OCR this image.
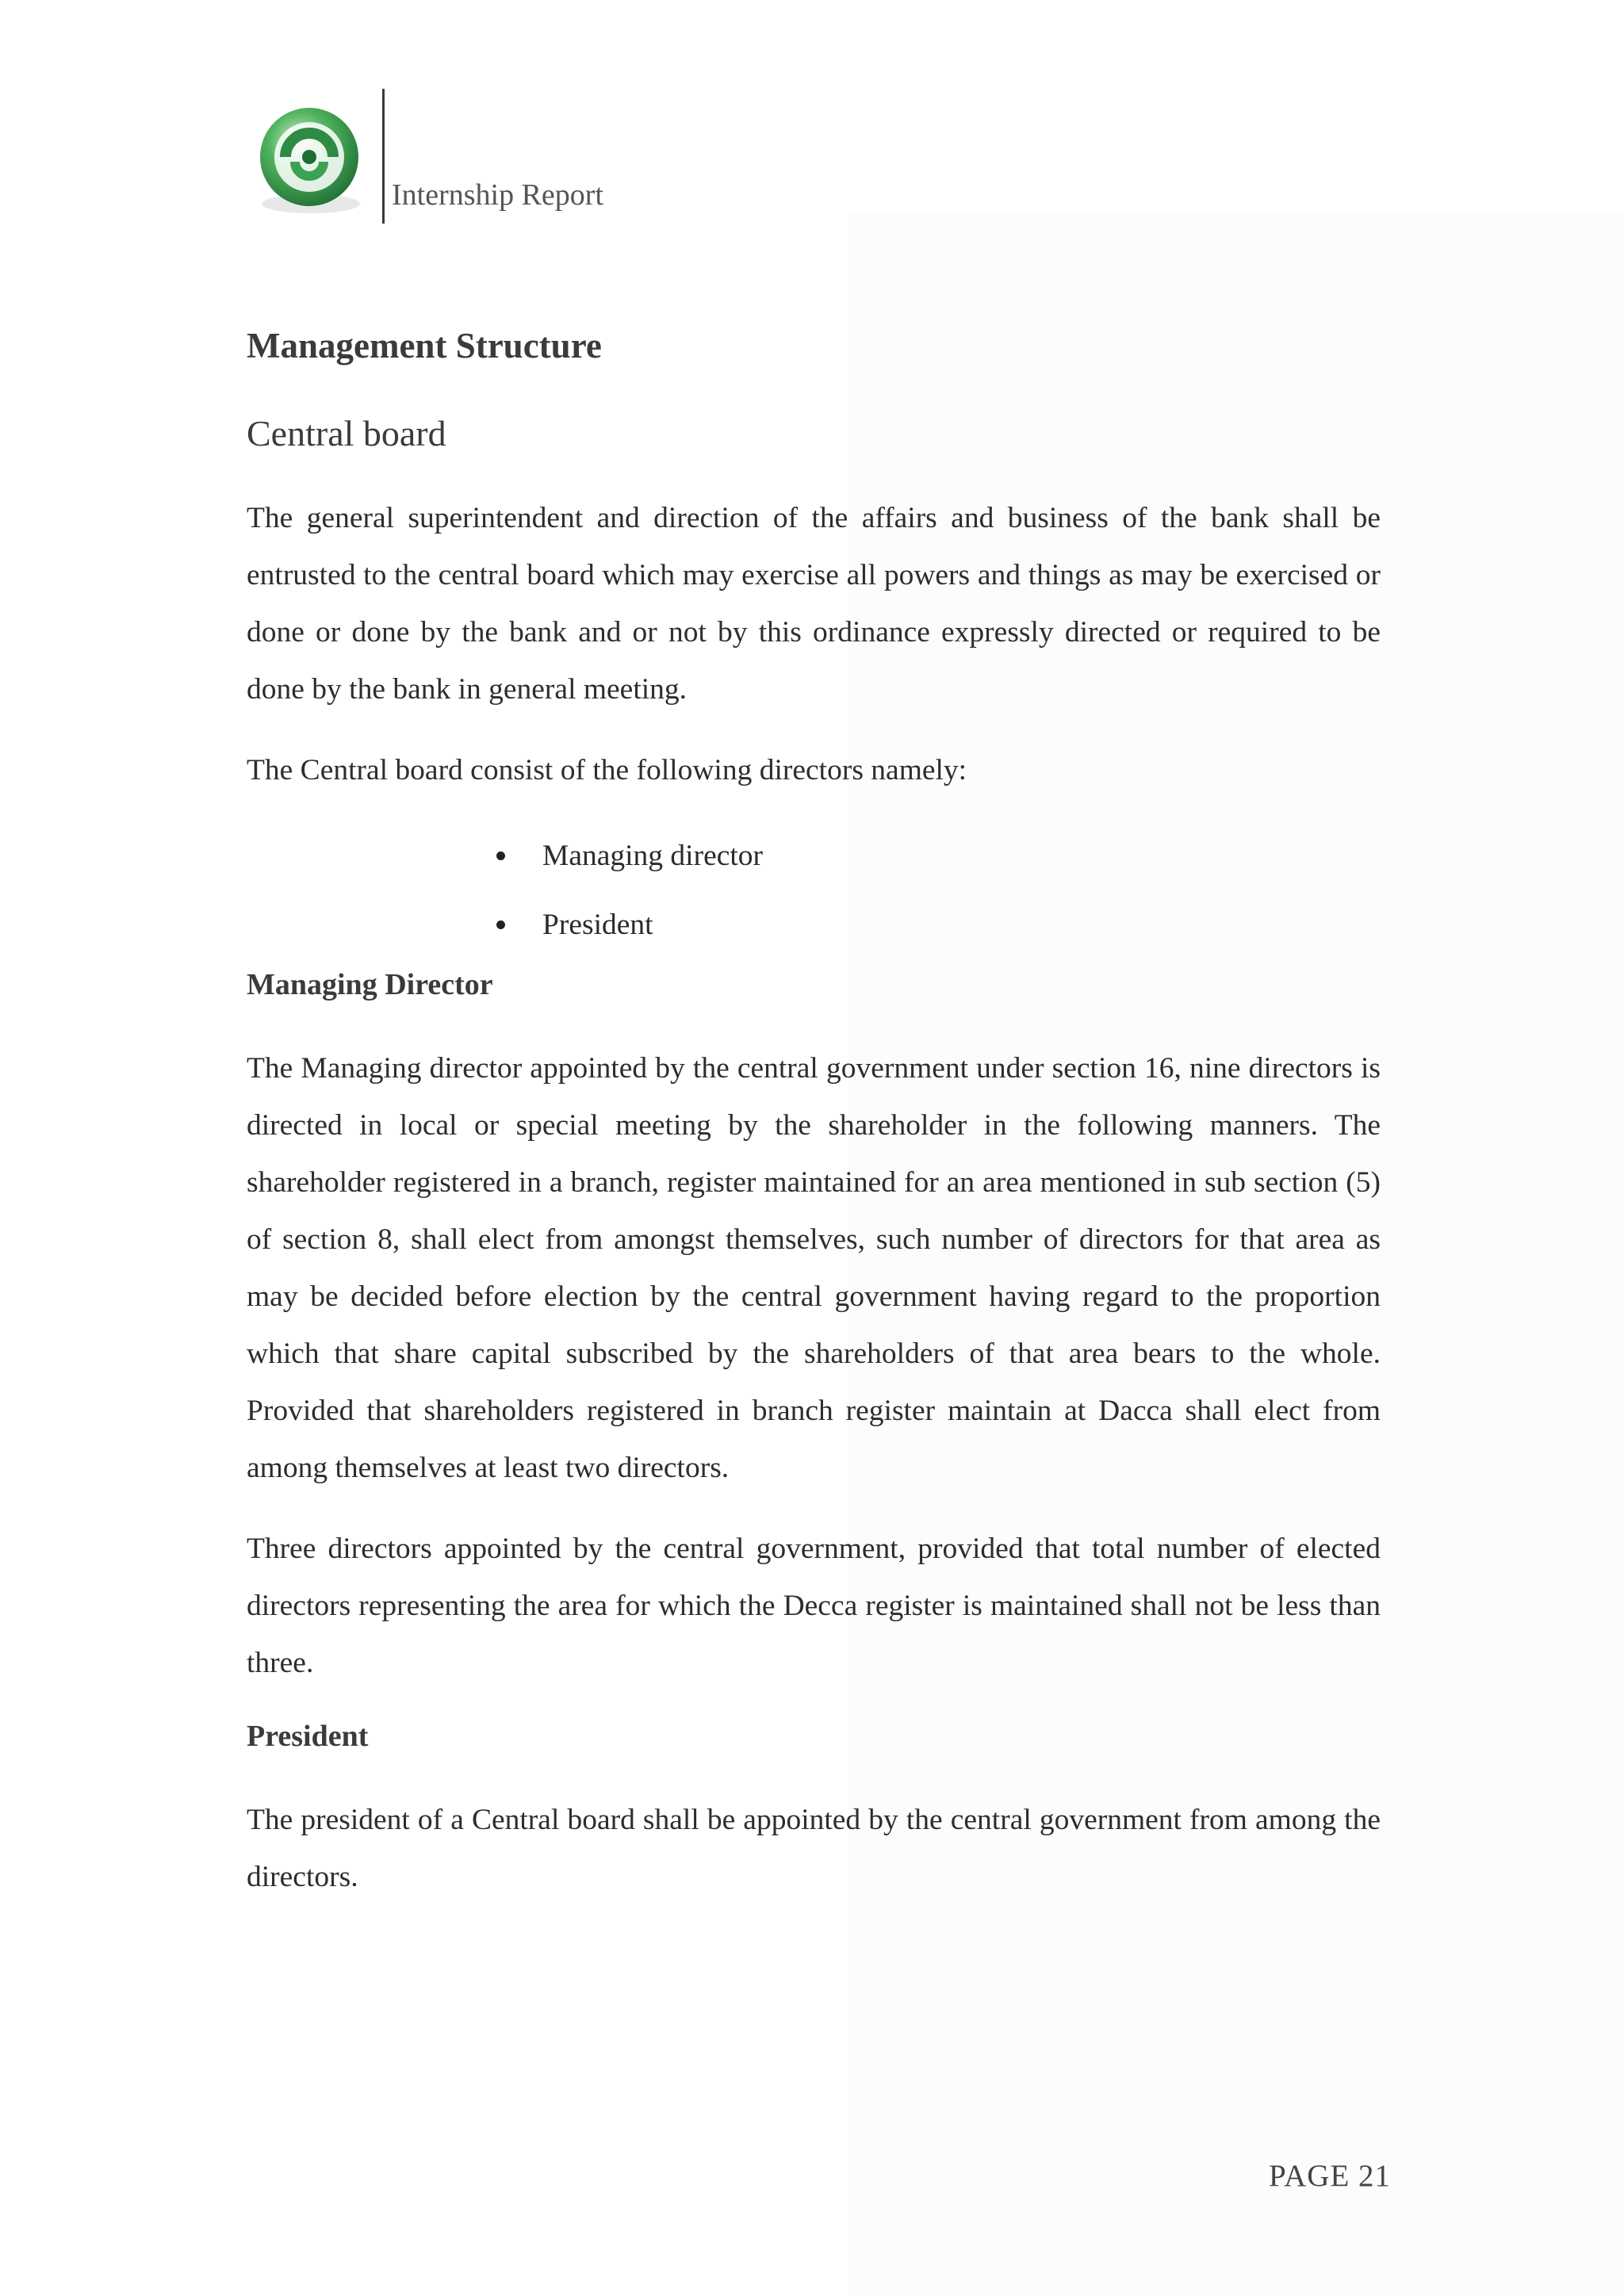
Internship Report
Management Structure
Central board

The general superintendent and direction of the affairs and business of the bank shall be entrusted to the central board which may exercise all powers and things as may be exercised or done or done by the bank and or not by this ordinance expressly directed or required to be done by the bank in general meeting.

The Central board consist of the following directors namely:

Managing director
President
Managing Director

The Managing director appointed by the central government under section 16, nine directors is directed in local or special meeting by the shareholder in the following manners. The shareholder registered in a branch, register maintained for an area mentioned in sub section (5) of section 8, shall elect from amongst themselves, such number of directors for that area as may be decided before election by the central government having regard to the proportion which that share capital subscribed by the shareholders of that area bears to the whole. Provided that shareholders registered in branch register maintain at Dacca shall elect from among themselves at least two directors.

Three directors appointed by the central government, provided that total number of elected directors representing the area for which the Decca register is maintained shall not be less than three.

President

The president of a Central board shall be appointed by the central government from among the directors.

PAGE 21
